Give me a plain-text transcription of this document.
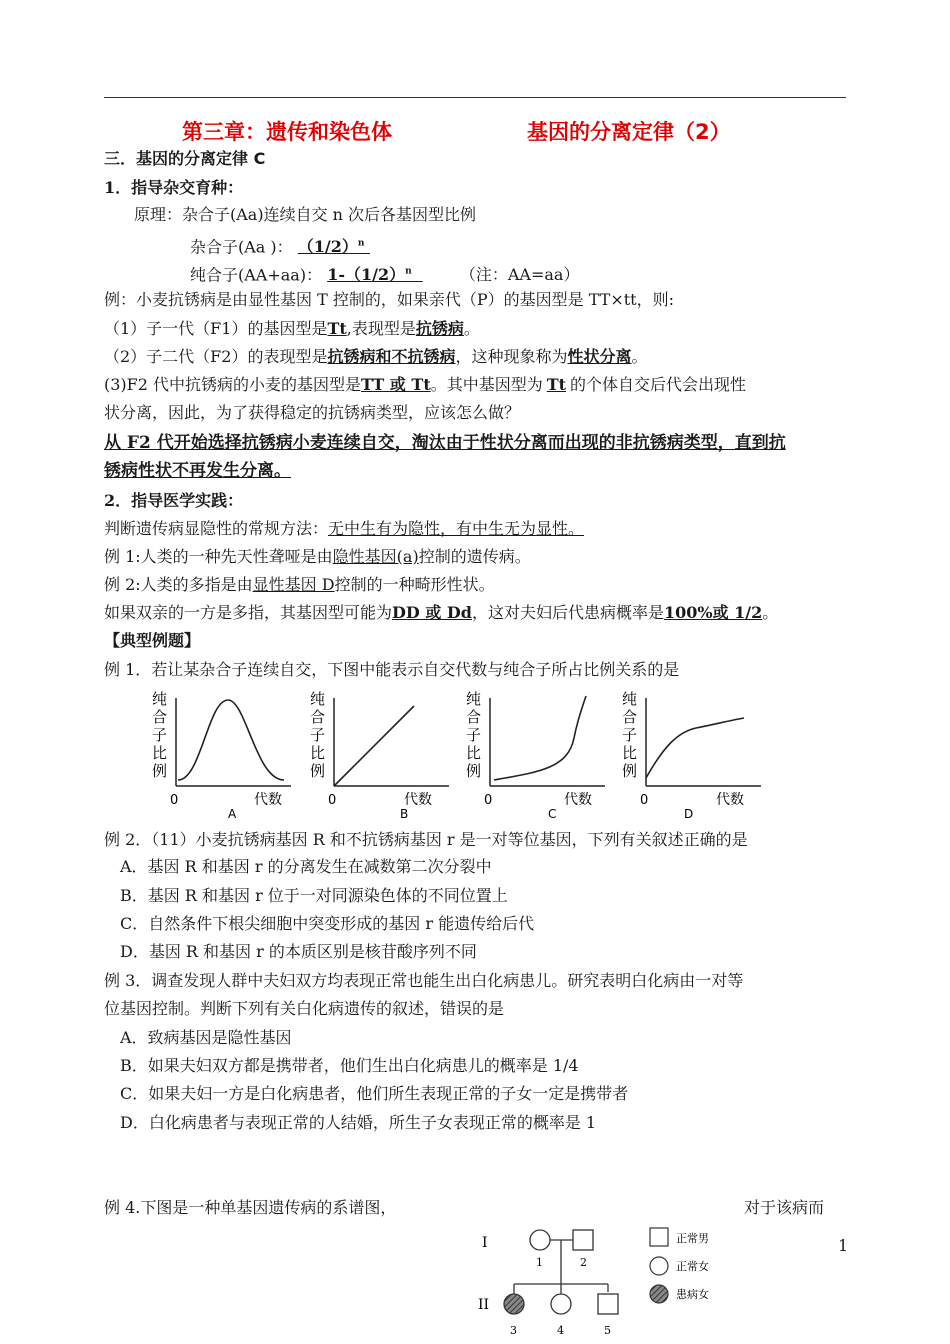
第三章：遗传和染色体	基因的分离定律（2）
三．基因的分离定律 C
1．指导杂交育种：
原理：杂合子(Aa)连续自交 n 次后各基因型比例
杂合子(Aa )： $(1/2)^n$
纯合子(AA+aa)： $1-(1/2)^n$	（注：AA=aa）
例：小麦抗锈病是由显性基因 T 控制的，如果亲代（P）的基因型是 TT×tt，则:
（1）子一代（F1）的基因型是Tt,表现型是抗锈病。
（2）子二代（F2）的表现型是抗锈病和不抗锈病，这种现象称为性状分离。
(3)F2 代中抗锈病的小麦的基因型是TT 或 Tt。其中基因型为 Tt 的个体自交后代会出现性
状分离，因此，为了获得稳定的抗锈病类型，应该怎么做？
从 F2 代开始选择抗锈病小麦连续自交，淘汰由于性状分离而出现的非抗锈病类型，直到抗
锈病性状不再发生分离。
2．指导医学实践：
判断遗传病显隐性的常规方法：无中生有为隐性，有中生无为显性。
例 1:人类的一种先天性聋哑是由隐性基因(a)控制的遗传病。
例 2:人类的多指是由显性基因 D控制的一种畸形性状。
如果双亲的一方是多指，其基因型可能为DD 或 Dd，这对夫妇后代患病概率是100%或 1/2。
【典型例题】
例 1．若让某杂合子连续自交，下图中能表示自交代数与纯合子所占比例关系的是
纯
合
子
比
例
0	代数
A
纯
合
子
比
例
0	代数
B
纯
合
子
比
例
0	代数
C
纯
合
子
比
例
0	代数
D
例 2．（11）小麦抗锈病基因 R 和不抗锈病基因 r 是一对等位基因，下列有关叙述正确的是
A．基因 R 和基因 r 的分离发生在减数第二次分裂中
B．基因 R 和基因 r 位于一对同源染色体的不同位置上
C．自然条件下根尖细胞中突变形成的基因 r 能遗传给后代
D．基因 R 和基因 r 的本质区别是核苷酸序列不同
例 3．调查发现人群中夫妇双方均表现正常也能生出白化病患儿。研究表明白化病由一对等
位基因控制。判断下列有关白化病遗传的叙述，错误的是
A．致病基因是隐性基因
B．如果夫妇双方都是携带者，他们生出白化病患儿的概率是 1/4
C．如果夫妇一方是白化病患者，他们所生表现正常的子女一定是携带者
D．白化病患者与表现正常的人结婚，所生子女表现正常的概率是 1
例 4.下图是一种单基因遗传病的系谱图，	对于该病而
1
I
II
1	2
3	4	5
正常男
正常女
患病女
